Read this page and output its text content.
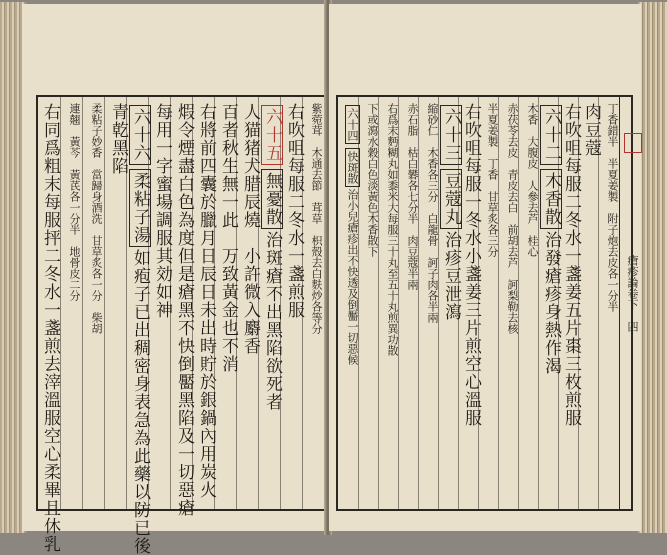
紫菀茸　木通去節　茸草　枳殼去白麩炒各等分
右吹咀每服二冬水一盞煎服
六十五無憂散治斑瘡不出黑陷欲死者
人猫猪犬腊辰燒　小許微入麝香
百者秋生無一此　万致黃金也不消
右將前四囊於臘月日辰日未出時貯於銀鍋內用炭火
煆令煙盡白色為度但是瘡黑不快倒靨黑陷及一切惡瘡
每用一字蜜場調服其効如神
六十六柔粘子湯如疱子已出稠密身表急為此藥以防已後
青乾黑陷
柔粘子妙香　當歸身酒洗　甘草炙各一分　柴胡
連翹　黃芩　黃芪各一分半　地骨皮二分
右同爲粗末每服抨二冬水一盞煎去滓溫服空心柔畢且休乳	丁香錯半　半夏姜製　附子炮去皮各一分半
肉豆蔻
右吹咀每服二冬水一盞姜五片棗三枚煎服
六十二木香散治發瘡疹身熱作渴
木香　大腹皮　人參去芦　桂心
赤茯苓去皮　青皮去白　前胡去芦　訶梨勒去核
半夏姜製　丁香　甘草炙各三分
右吹咀每服一冬水小盞姜三片煎空心溫服
六十三豆蔻丸治疹豆泄瀉
縮砂仁　木香各三分　白龍骨　訶子肉各半兩
赤石脂　枯白礬各七分半　肉豆蔻半兩
右爲末麪糊丸如黍米大每服三十丸至五十丸煎異功散
下或瀉水穀白色淡黃色木香散下
六十四快斑散治小兒瘡疹出不快透及倒靨一切惡候	瘡疹論卷下　四
